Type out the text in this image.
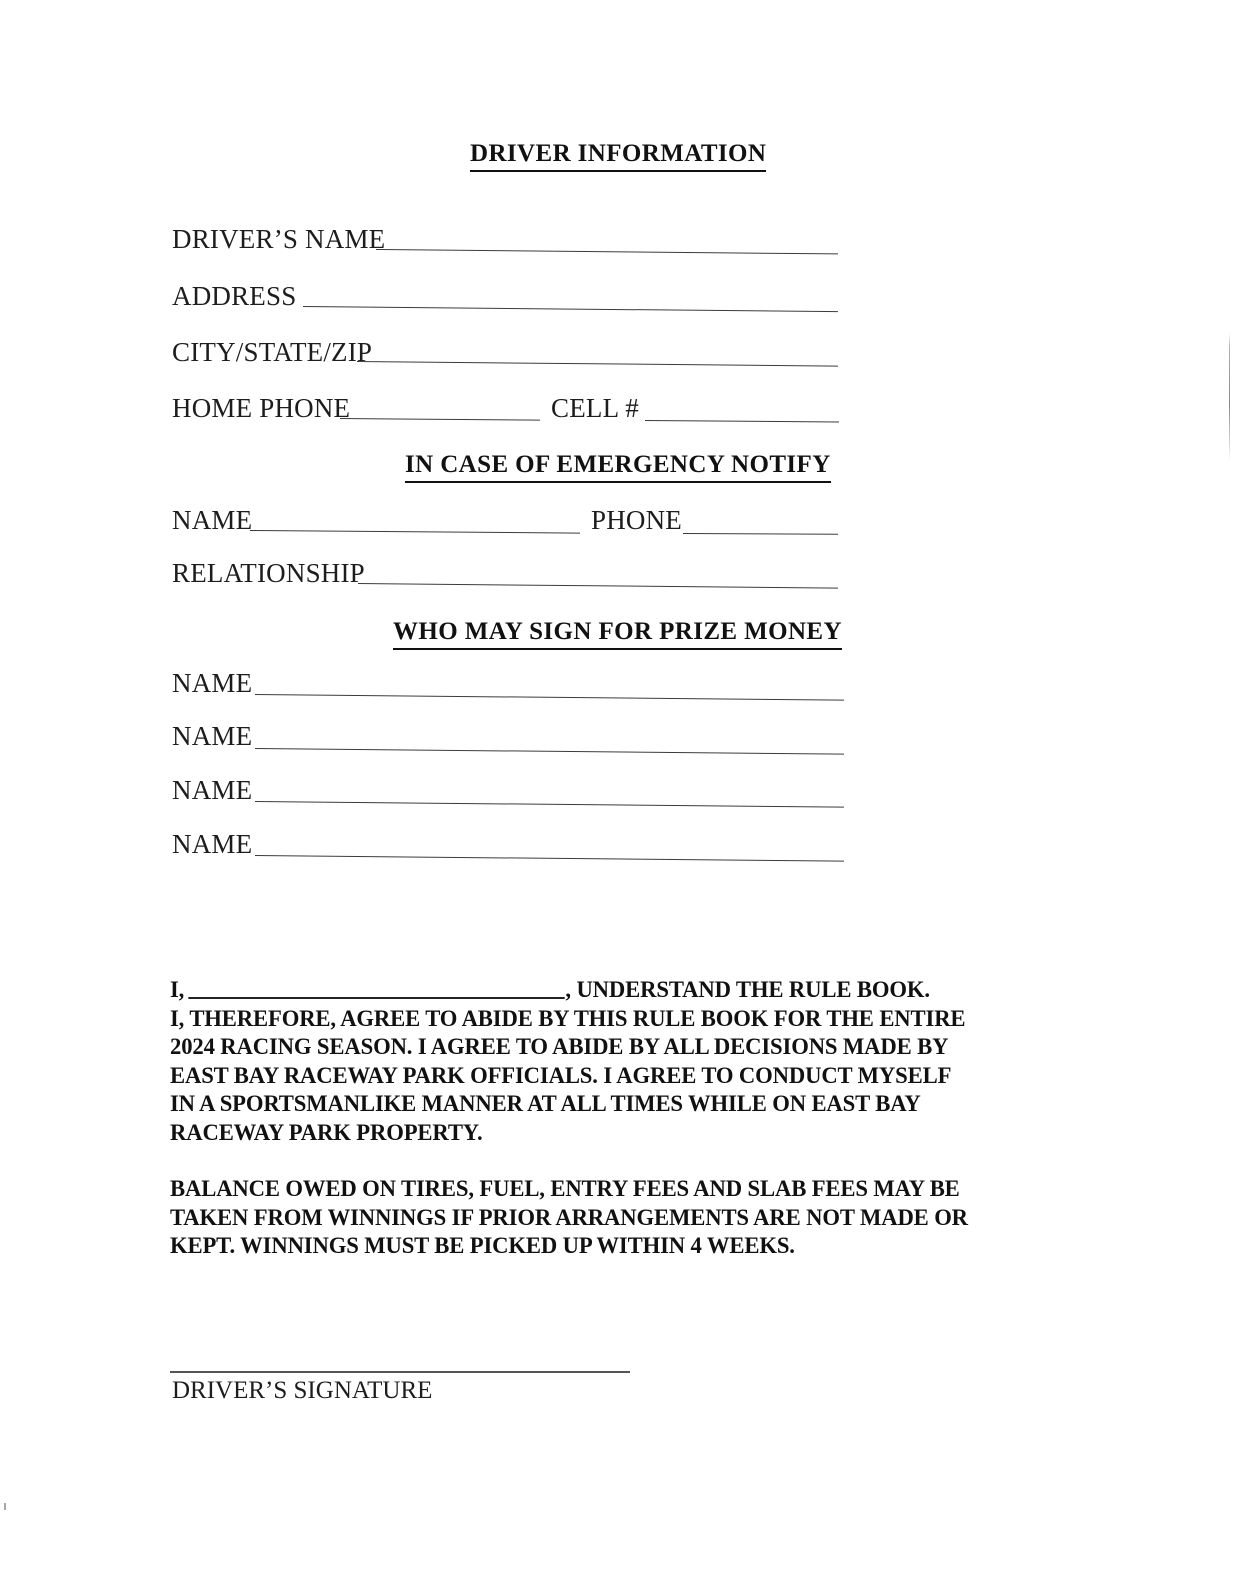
DRIVER INFORMATION
DRIVER’S NAME
ADDRESS
CITY/STATE/ZIP
HOME PHONE	CELL #
IN CASE OF EMERGENCY NOTIFY
NAME	PHONE
RELATIONSHIP
WHO MAY SIGN FOR PRIZE MONEY
NAME
NAME
NAME
NAME

I,	, UNDERSTAND THE RULE BOOK.

I, THEREFORE, AGREE TO ABIDE BY THIS RULE BOOK FOR THE ENTIRE

2024 RACING SEASON. I AGREE TO ABIDE BY ALL DECISIONS MADE BY

EAST BAY RACEWAY PARK OFFICIALS. I AGREE TO CONDUCT MYSELF

IN A SPORTSMANLIKE MANNER AT ALL TIMES WHILE ON EAST BAY

RACEWAY PARK PROPERTY.

BALANCE OWED ON TIRES, FUEL, ENTRY FEES AND SLAB FEES MAY BE

TAKEN FROM WINNINGS IF PRIOR ARRANGEMENTS ARE NOT MADE OR

KEPT. WINNINGS MUST BE PICKED UP WITHIN 4 WEEKS.

DRIVER’S SIGNATURE
